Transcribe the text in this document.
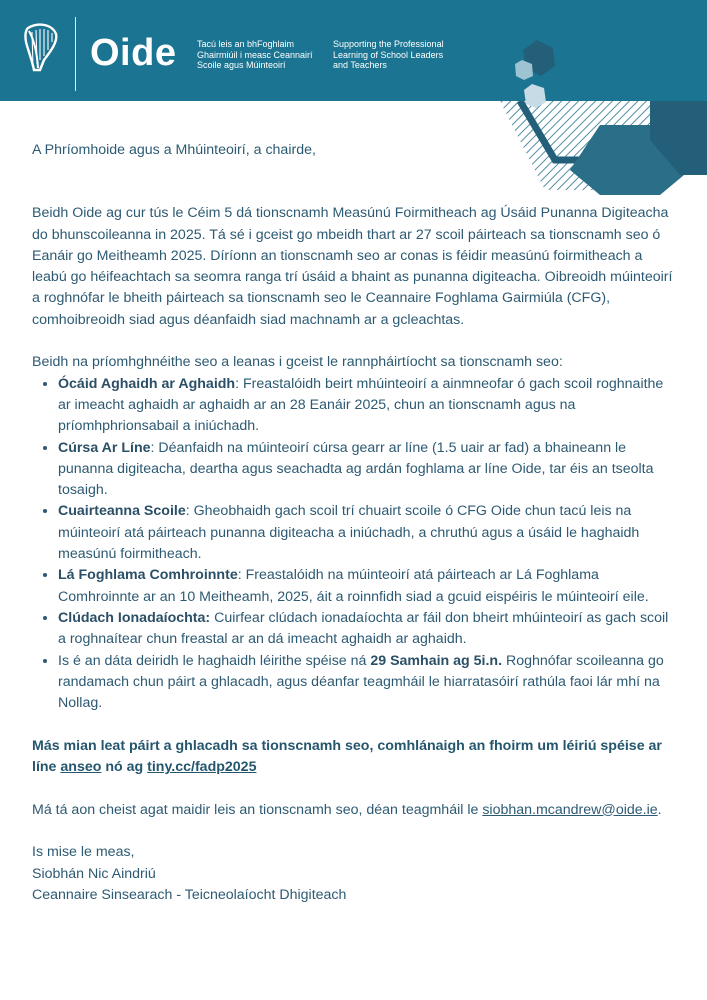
Oide Tacú leis an bhFoghlaim
Ghairmiúil i measc Ceannairí
Scoile agus Múinteoirí
Supporting the Professional
Learning of School Leaders
and Teachers

A Phríomhoide agus a Mhúinteoirí, a chairde,

Beidh Oide ag cur tús le Céim 5 dá tionscnamh Measúnú Foirmitheach ag Úsáid Punanna Digiteacha do bhunscoileanna in 2025. Tá sé i gceist go mbeidh thart ar 27 scoil páirteach sa tionscnamh seo ó Eanáir go Meitheamh 2025. Díríonn an tionscnamh seo ar conas is féidir measúnú foirmitheach a leabú go héifeachtach sa seomra ranga trí úsáid a bhaint as punanna digiteacha. Oibreoidh múinteoirí a roghnófar le bheith páirteach sa tionscnamh seo le Ceannaire Foghlama Gairmiúla (CFG), comhoibreoidh siad agus déanfaidh siad machnamh ar a gcleachtas.

Beidh na príomhghnéithe seo a leanas i gceist le rannpháirtíocht sa tionscnamh seo:

• Ócáid Aghaidh ar Aghaidh: Freastalóidh beirt mhúinteoirí a ainmneofar ó gach scoil roghnaithe ar imeacht aghaidh ar aghaidh ar an 28 Eanáir 2025, chun an tionscnamh agus na príomhphrionsabail a iniúchadh.
• Cúrsa Ar Líne: Déanfaidh na múinteoirí cúrsa gearr ar líne (1.5 uair ar fad) a bhaineann le punanna digiteacha, deartha agus seachadta ag ardán foghlama ar líne Oide, tar éis an tseolta tosaigh.
• Cuairteanna Scoile: Gheobhaidh gach scoil trí chuairt scoile ó CFG Oide chun tacú leis na múinteoirí atá páirteach punanna digiteacha a iniúchadh, a chruthú agus a úsáid le haghaidh measúnú foirmitheach.
• Lá Foghlama Comhroinnte: Freastalóidh na múinteoirí atá páirteach ar Lá Foghlama Comhroinnte ar an 10 Meitheamh, 2025, áit a roinnfidh siad a gcuid eispéiris le múinteoirí eile.
• Clúdach Ionadaíochta: Cuirfear clúdach ionadaíochta ar fáil don bheirt mhúinteoirí as gach scoil a roghnaítear chun freastal ar an dá imeacht aghaidh ar aghaidh.
• Is é an dáta deiridh le haghaidh léirithe spéise ná 29 Samhain ag 5i.n. Roghnófar scoileanna go randamach chun páirt a ghlacadh, agus déanfar teagmháil le hiarratasóirí rathúla faoi lár mhí na Nollag.

Más mian leat páirt a ghlacadh sa tionscnamh seo, comhlánaigh an fhoirm um léiriú spéise ar líne anseo nó ag tiny.cc/fadp2025

Má tá aon cheist agat maidir leis an tionscnamh seo, déan teagmháil le siobhan.mcandrew@oide.ie.

Is mise le meas,

Siobhán Nic Aindriú

Ceannaire Sinsearach - Teicneolaíocht Dhigiteach
